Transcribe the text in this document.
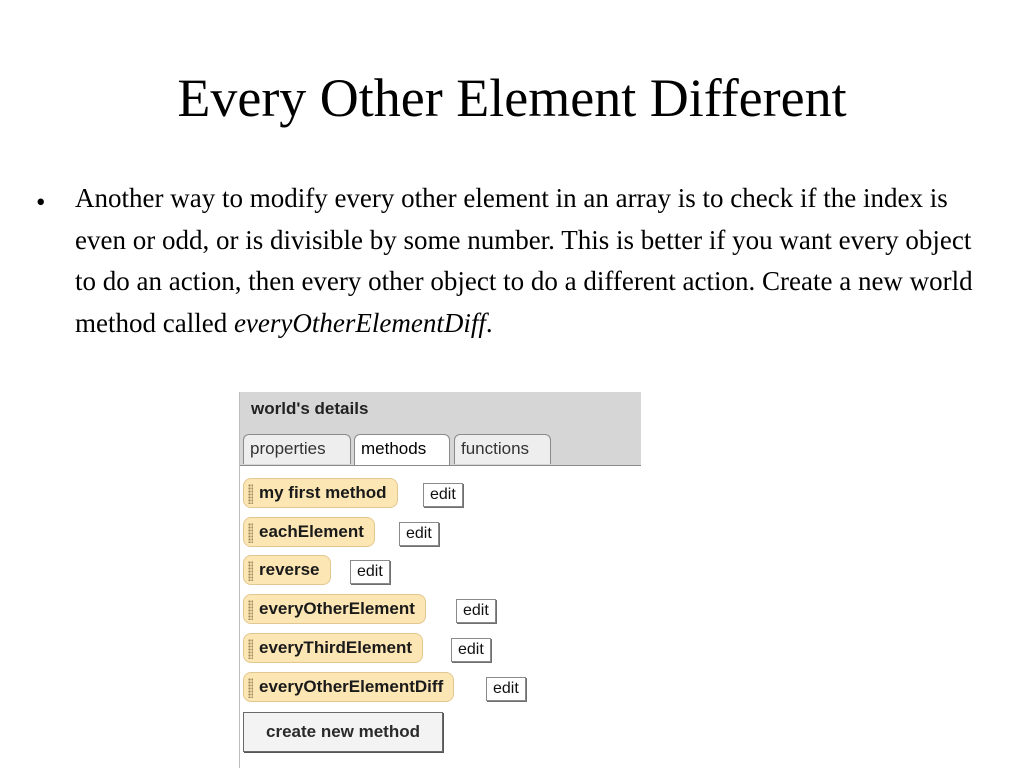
Every Other Element Different
• Another way to modify every other element in an array is to check if the index is even or odd, or is divisible by some number. This is better if you want every object to do an action, then every other object to do a different action. Create a new world method called everyOtherElementDiff.
world's details
properties	methods	functions
my first method	edit
eachElement	edit
reverse	edit
everyOtherElement	edit
everyThirdElement	edit
everyOtherElementDiff	edit
create new method
